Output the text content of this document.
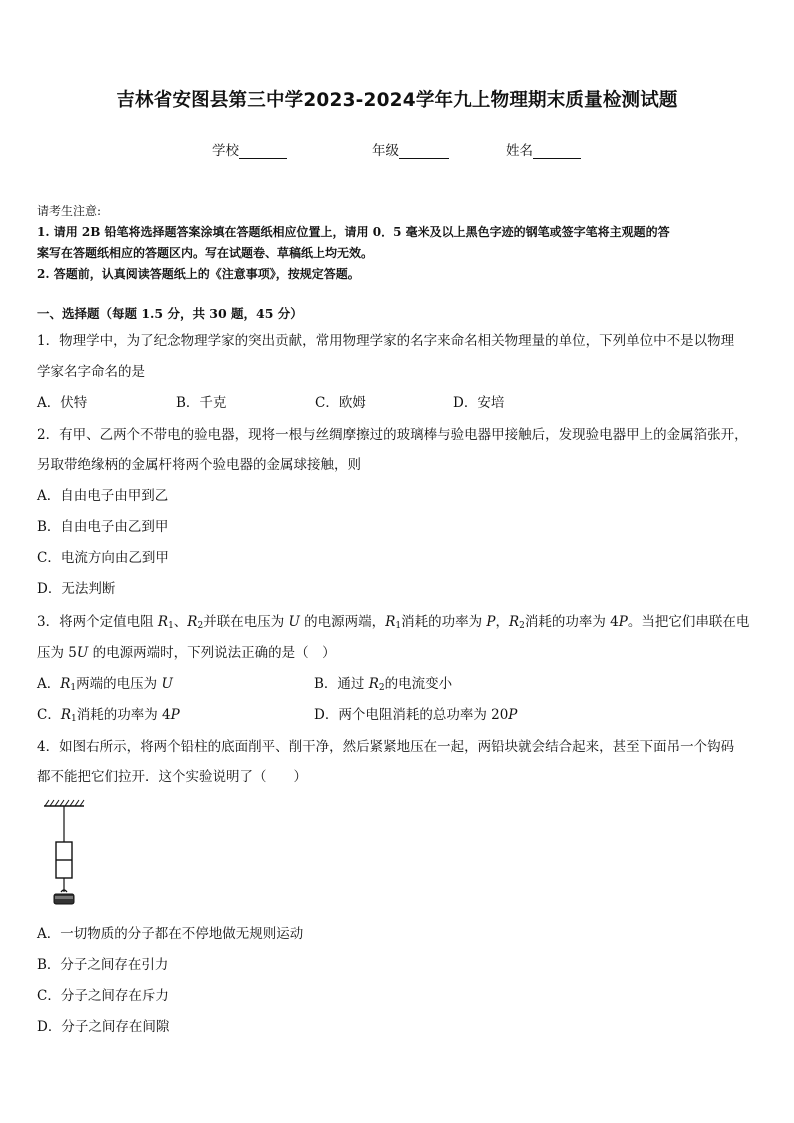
吉林省安图县第三中学2023-2024学年九上物理期末质量检测试题
学校	年级	姓名
请考生注意:
1. 请用 2B 铅笔将选择题答案涂填在答题纸相应位置上，请用 0．5 毫米及以上黑色字迹的钢笔或签字笔将主观题的答
案写在答题纸相应的答题区内。写在试题卷、草稿纸上均无效。
2. 答题前，认真阅读答题纸上的《注意事项》，按规定答题。
一、选择题（每题 1.5 分，共 30 题，45 分）
1．物理学中，为了纪念物理学家的突出贡献，常用物理学家的名字来命名相关物理量的单位，下列单位中不是以物理
学家名字命名的是
A．伏特	B．千克	C．欧姆	D．安培
2．有甲、乙两个不带电的验电器，现将一根与丝绸摩擦过的玻璃棒与验电器甲接触后，发现验电器甲上的金属箔张开，
另取带绝缘柄的金属杆将两个验电器的金属球接触，则
A．自由电子由甲到乙
B．自由电子由乙到甲
C．电流方向由乙到甲
D．无法判断
3．将两个定值电阻 $R_1$、$R_2$并联在电压为 U 的电源两端，$R_1$消耗的功率为 P，$R_2$消耗的功率为 4P。当把它们串联在电
压为 5U 的电源两端时，下列说法正确的是（　）
A．$R_1$两端的电压为 U	B．通过 $R_2$的电流变小
C．$R_1$消耗的功率为 4P	D．两个电阻消耗的总功率为 20P
4．如图右所示，将两个铅柱的底面削平、削干净，然后紧紧地压在一起，两铅块就会结合起来，甚至下面吊一个钩码
都不能把它们拉开．这个实验说明了（　　）
A．一切物质的分子都在不停地做无规则运动
B．分子之间存在引力
C．分子之间存在斥力
D．分子之间存在间隙
